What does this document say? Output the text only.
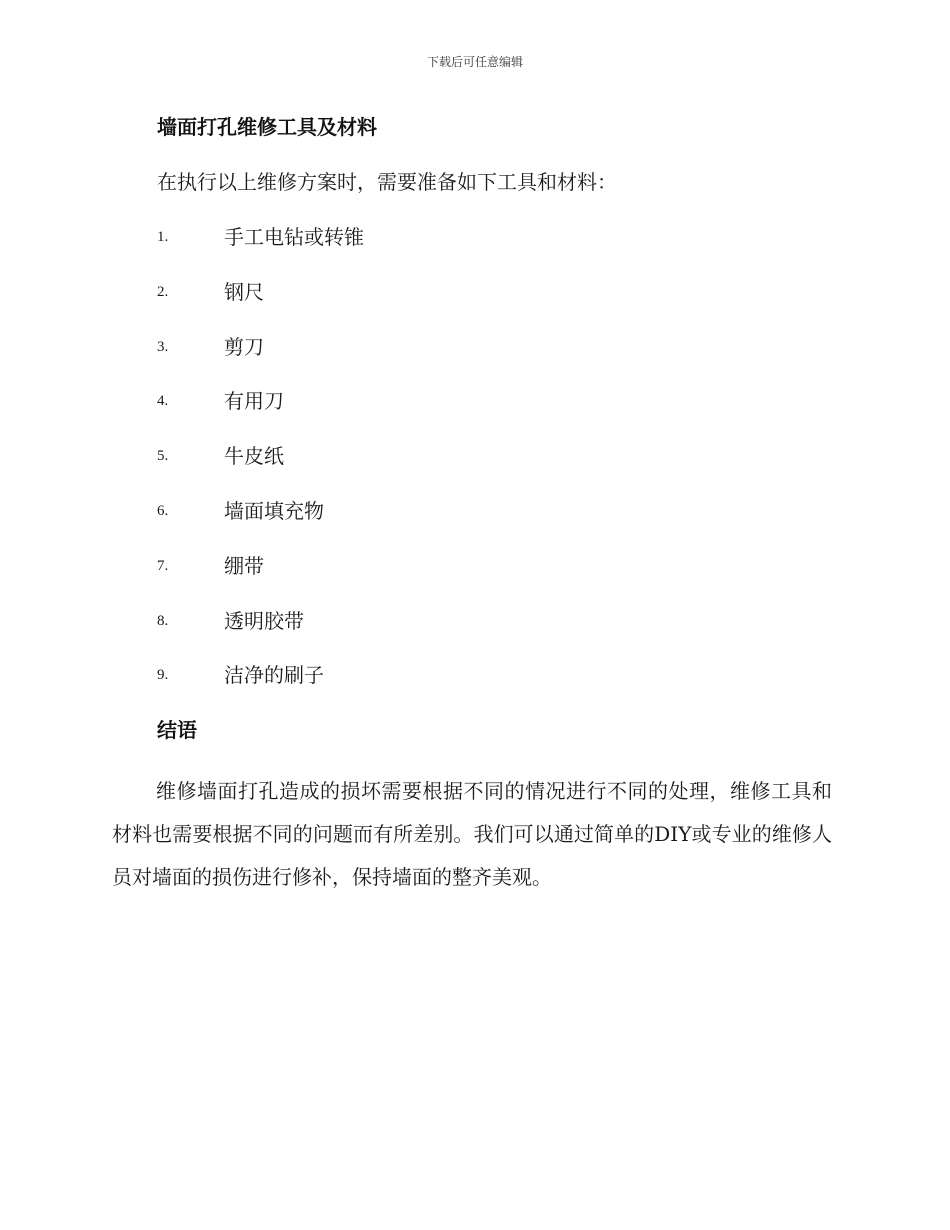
下载后可任意编辑
墙面打孔维修工具及材料
在执行以上维修方案时，需要准备如下工具和材料：
1.	手工电钻或转锥
2.	钢尺
3.	剪刀
4.	有用刀
5.	牛皮纸
6.	墙面填充物
7.	绷带
8.	透明胶带
9.	洁净的刷子
结语

维修墙面打孔造成的损坏需要根据不同的情况进行不同的处理，维修工具和材料也需要根据不同的问题而有所差别。我们可以通过简单的DIY或专业的维修人员对墙面的损伤进行修补，保持墙面的整齐美观。
